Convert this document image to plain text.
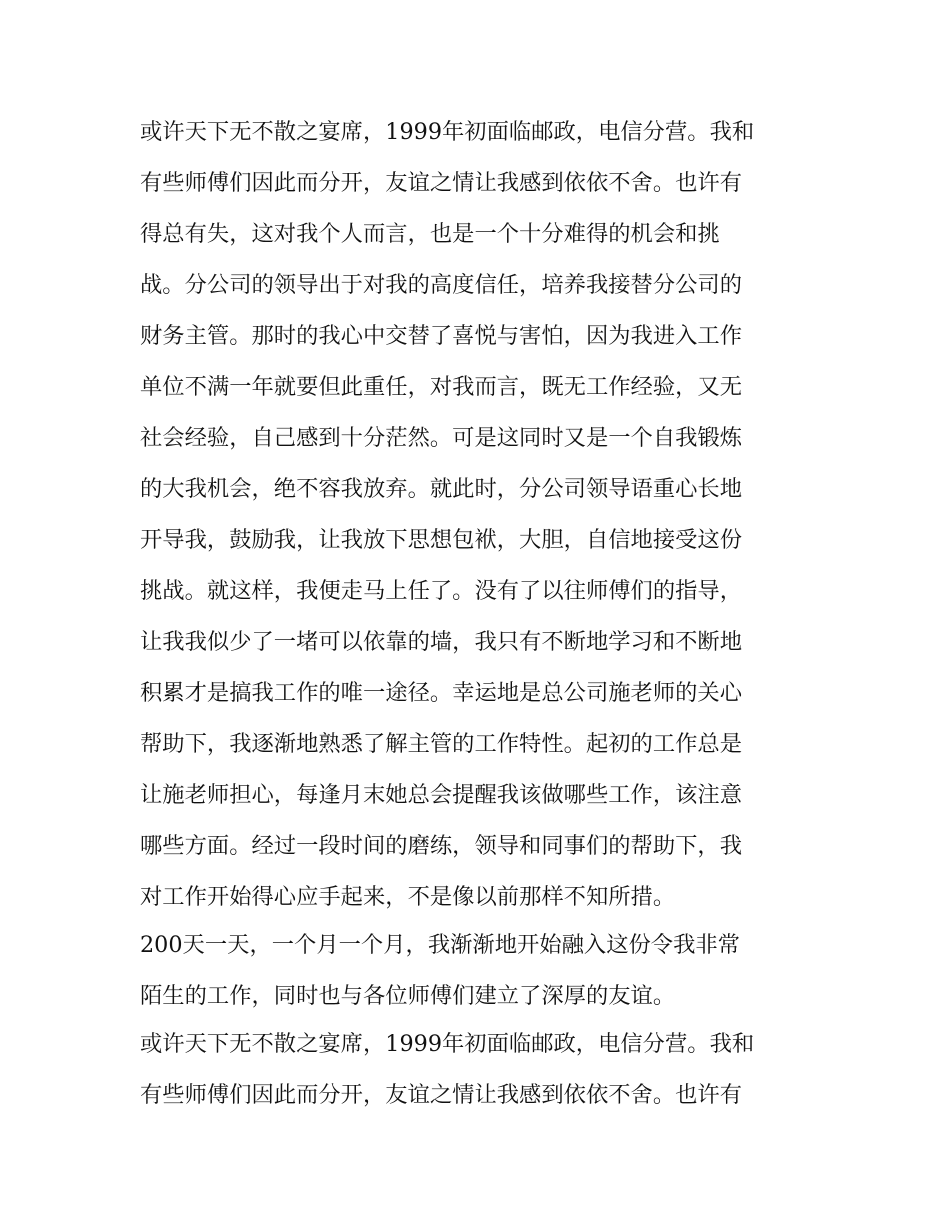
或许天下无不散之宴席，1999年初面临邮政，电信分营。我和
有些师傅们因此而分开，友谊之情让我感到依依不舍。也许有
得总有失，这对我个人而言，也是一个十分难得的机会和挑
战。分公司的领导出于对我的高度信任，培养我接替分公司的
财务主管。那时的我心中交替了喜悦与害怕，因为我进入工作
单位不满一年就要但此重任，对我而言，既无工作经验，又无
社会经验，自己感到十分茫然。可是这同时又是一个自我锻炼
的大我机会，绝不容我放弃。就此时，分公司领导语重心长地
开导我，鼓励我，让我放下思想包袱，大胆，自信地接受这份
挑战。就这样，我便走马上任了。没有了以往师傅们的指导，
让我我似少了一堵可以依靠的墙，我只有不断地学习和不断地
积累才是搞我工作的唯一途径。幸运地是总公司施老师的关心
帮助下，我逐渐地熟悉了解主管的工作特性。起初的工作总是
让施老师担心，每逢月末她总会提醒我该做哪些工作，该注意
哪些方面。经过一段时间的磨练，领导和同事们的帮助下，我
对工作开始得心应手起来，不是像以前那样不知所措。
200天一天，一个月一个月，我渐渐地开始融入这份令我非常
陌生的工作，同时也与各位师傅们建立了深厚的友谊。
或许天下无不散之宴席，1999年初面临邮政，电信分营。我和
有些师傅们因此而分开，友谊之情让我感到依依不舍。也许有
